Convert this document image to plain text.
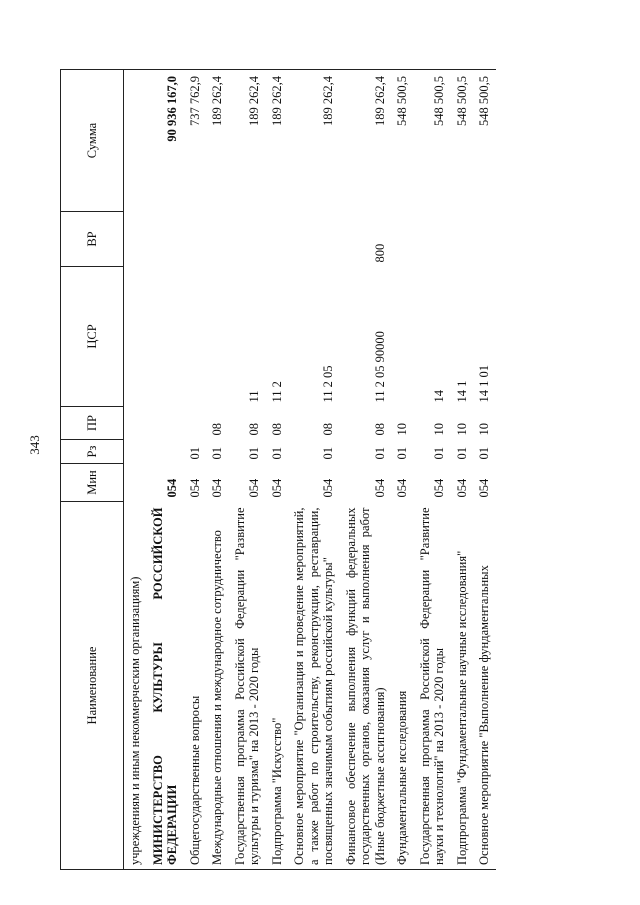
343
Наименование	Мин	Рз	ПР	ЦСР	ВР	Сумма
учреждениям и иным некоммерческим организациям)						
МИНИСТЕРСТВО КУЛЬТУРЫ РОССИЙСКОЙ ФЕДЕРАЦИИ	054					90 936 167,0
Общегосударственные вопросы	054	01				737 762,9
Международные отношения и международное сотрудничество	054	01	08			189 262,4
Государственная программа Российской Федерации "Развитие культуры и туризма" на 2013 - 2020 годы	054	01	08	11		189 262,4
Подпрограмма "Искусство"	054	01	08	11 2		189 262,4
Основное мероприятие "Организация и проведение мероприятий, а также работ по строительству, реконструкции, реставрации, посвященных значимым событиям российской культуры"	054	01	08	11 2 05		189 262,4
Финансовое обеспечение выполнения функций федеральных государственных органов, оказания услуг и выполнения работ (Иные бюджетные ассигнования)	054	01	08	11 2 05 90000	800	189 262,4
Фундаментальные исследования	054	01	10			548 500,5
Государственная программа Российской Федерации "Развитие науки и технологий" на 2013 - 2020 годы	054	01	10	14		548 500,5
Подпрограмма "Фундаментальные научные исследования"	054	01	10	14 1		548 500,5
Основное мероприятие "Выполнение фундаментальных	054	01	10	14 1 01		548 500,5
